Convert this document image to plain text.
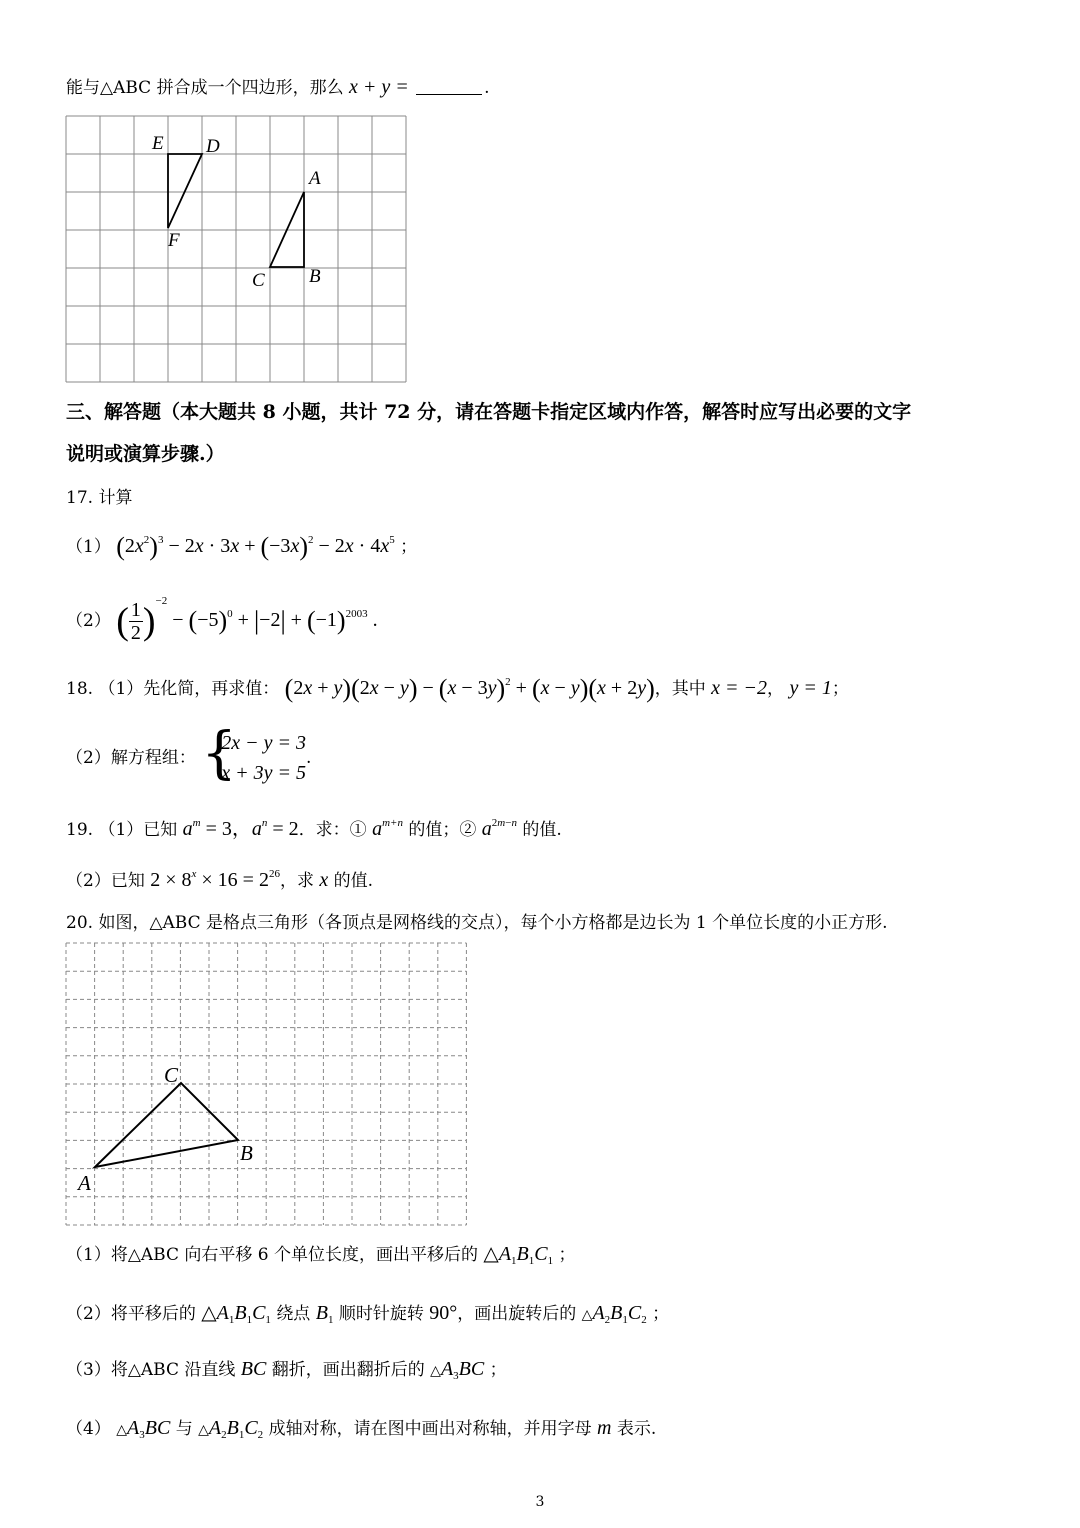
能与△ABC 拼合成一个四边形，那么 x + y =	.
E D
F
A
B
C
三、解答题（本大题共 8 小题，共计 72 分，请在答题卡指定区域内作答，解答时应写出必要的文字
说明或演算步骤.）
17. 计算
（1） $(2x^2)^3 - 2x \cdot 3x + (-3x)^2 - 2x \cdot 4x^5$ ；
（2） ( $\frac{1}{2} )^{-2} - (-5)^0 + |-2| + (-1)^{2003}$ .
18. （1）先化简，再求值： $(2x + y)(2x - y) - (x - 3y)^2 + (x - y)(x + 2y)$，其中 x = −2， y = 1；
（2）解方程组： {
2x − y = 3
x + 3y = 5
.
19. （1）已知 $a^m = 3$，$a^n = 2$．求：① $a^{m+n}$ 的值；② $a^{2m-n}$ 的值.
（2）已知 $2 \times 8^x \times 16 = 2^{26}$，求 x 的值.
20. 如图，△ABC 是格点三角形（各顶点是网格线的交点），每个小方格都是边长为 1 个单位长度的小正方形.
C
B
A
（1）将△ABC 向右平移 6 个单位长度，画出平移后的 $\triangle A_1B_1C_1$ ；
（2）将平移后的 $\triangle A_1B_1C_1$ 绕点 $B_1$ 顺时针旋转 90°，画出旋转后的 $\triangle A_2B_1C_2$ ；
（3）将△ABC 沿直线 BC 翻折，画出翻折后的 $\triangle A_3BC$ ；
（4） $\triangle A_3BC$ 与 $\triangle A_2B_1C_2$ 成轴对称，请在图中画出对称轴，并用字母 m 表示.
3
